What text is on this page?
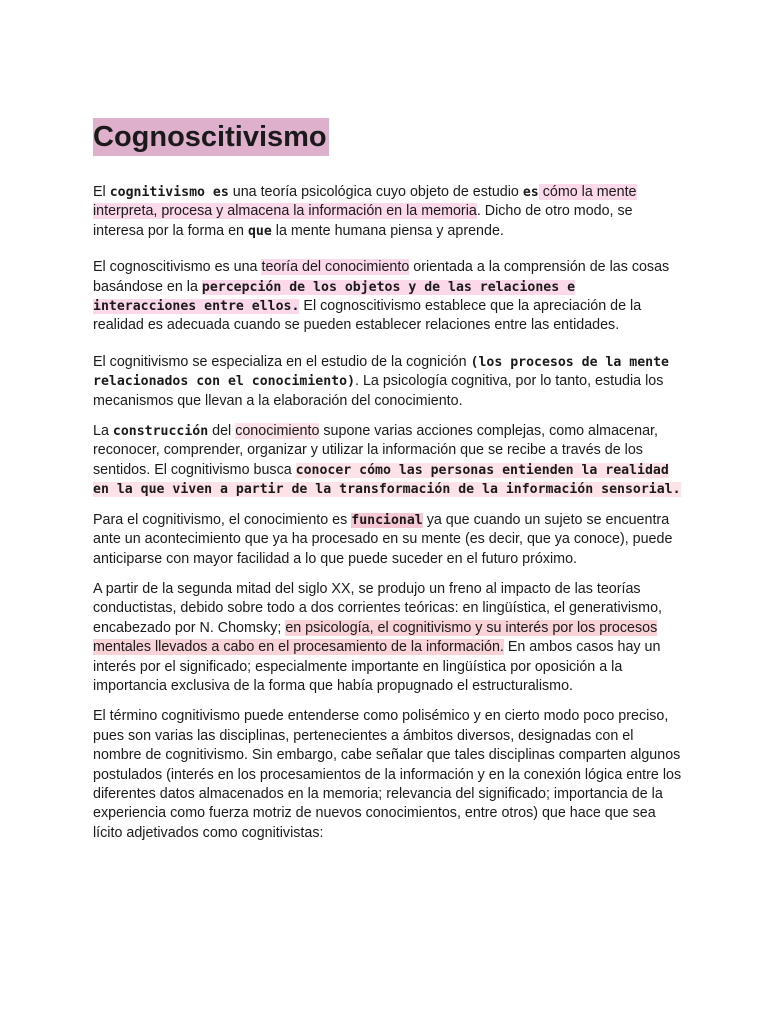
Cognoscitivismo

El cognitivismo es una teoría psicológica cuyo objeto de estudio es cómo la mente interpreta, procesa y almacena la información en la memoria. Dicho de otro modo, se interesa por la forma en que la mente humana piensa y aprende.

El cognoscitivismo es una teoría del conocimiento orientada a la comprensión de las cosas basándose en la percepción de los objetos y de las relaciones e interacciones entre ellos. El cognoscitivismo establece que la apreciación de la realidad es adecuada cuando se pueden establecer relaciones entre las entidades.

El cognitivismo se especializa en el estudio de la cognición (los procesos de la mente relacionados con el conocimiento). La psicología cognitiva, por lo tanto, estudia los mecanismos que llevan a la elaboración del conocimiento.

La construcción del conocimiento supone varias acciones complejas, como almacenar, reconocer, comprender, organizar y utilizar la información que se recibe a través de los sentidos. El cognitivismo busca conocer cómo las personas entienden la realidad en la que viven a partir de la transformación de la información sensorial.

Para el cognitivismo, el conocimiento es funcional ya que cuando un sujeto se encuentra ante un acontecimiento que ya ha procesado en su mente (es decir, que ya conoce), puede anticiparse con mayor facilidad a lo que puede suceder en el futuro próximo.

A partir de la segunda mitad del siglo XX, se produjo un freno al impacto de las teorías conductistas, debido sobre todo a dos corrientes teóricas: en lingüística, el generativismo, encabezado por N. Chomsky; en psicología, el cognitivismo y su interés por los procesos mentales llevados a cabo en el procesamiento de la información. En ambos casos hay un interés por el significado; especialmente importante en lingüística por oposición a la importancia exclusiva de la forma que había propugnado el estructuralismo.

El término cognitivismo puede entenderse como polisémico y en cierto modo poco preciso, pues son varias las disciplinas, pertenecientes a ámbitos diversos, designadas con el nombre de cognitivismo. Sin embargo, cabe señalar que tales disciplinas comparten algunos postulados (interés en los procesamientos de la información y en la conexión lógica entre los diferentes datos almacenados en la memoria; relevancia del significado; importancia de la experiencia como fuerza motriz de nuevos conocimientos, entre otros) que hace que sea lícito adjetivados como cognitivistas:
